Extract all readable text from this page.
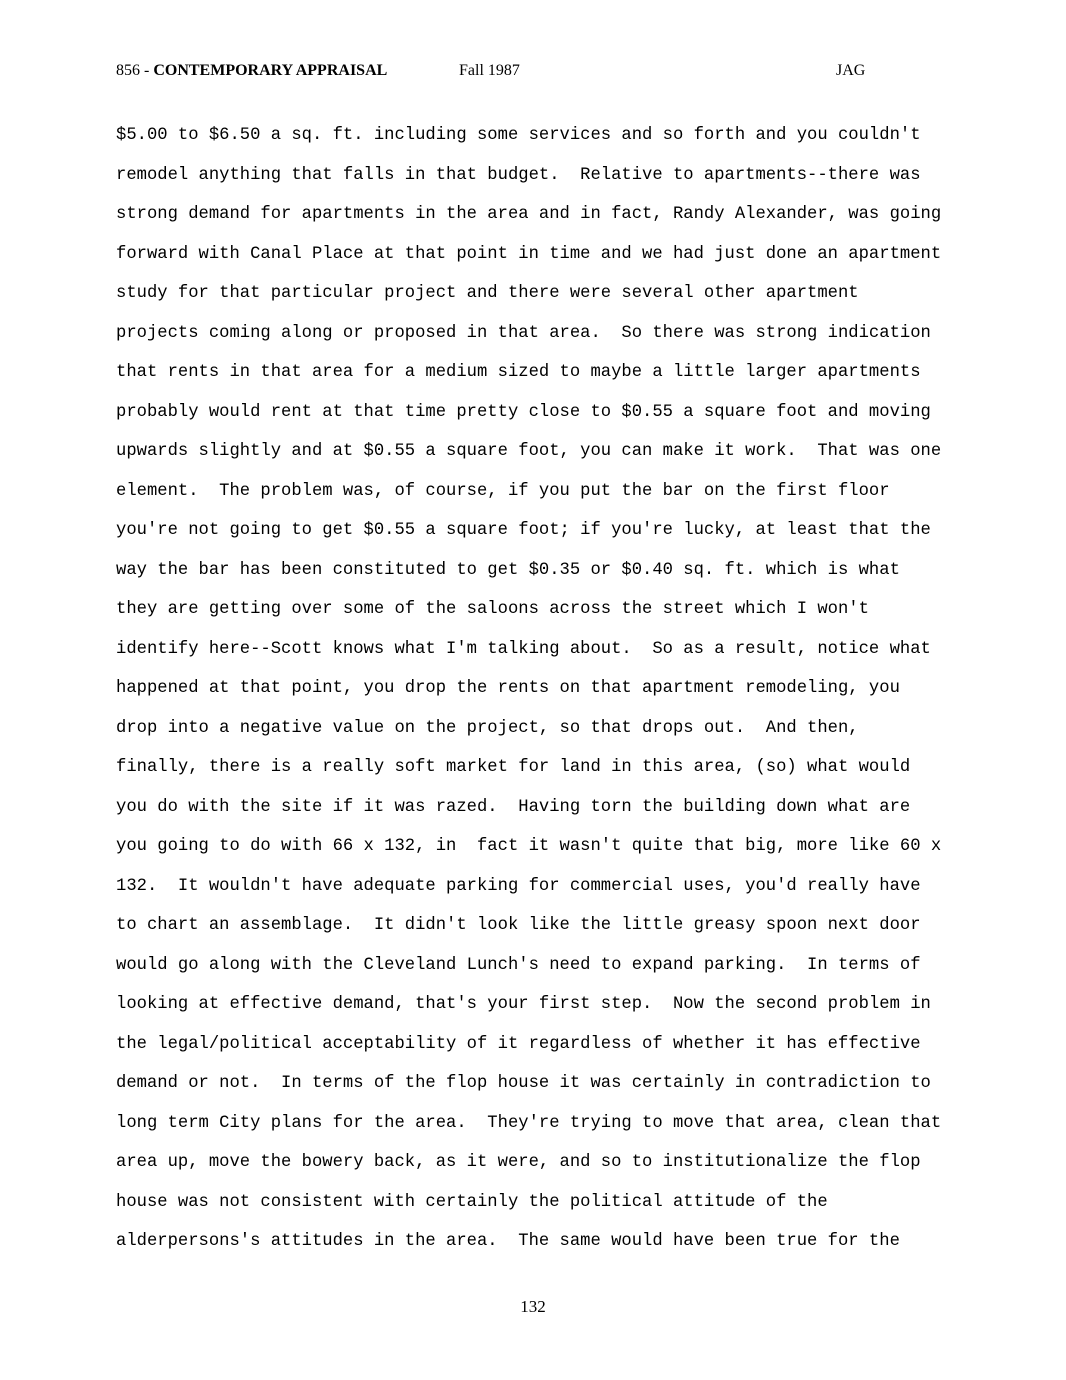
856 - CONTEMPORARY APPRAISAL	Fall 1987	JAG
$5.00 to $6.50 a sq. ft. including some services and so forth and you couldn't
remodel anything that falls in that budget.  Relative to apartments--there was
strong demand for apartments in the area and in fact, Randy Alexander, was going
forward with Canal Place at that point in time and we had just done an apartment
study for that particular project and there were several other apartment
projects coming along or proposed in that area.  So there was strong indication
that rents in that area for a medium sized to maybe a little larger apartments
probably would rent at that time pretty close to $0.55 a square foot and moving
upwards slightly and at $0.55 a square foot, you can make it work.  That was one
element.  The problem was, of course, if you put the bar on the first floor
you're not going to get $0.55 a square foot; if you're lucky, at least that the
way the bar has been constituted to get $0.35 or $0.40 sq. ft. which is what
they are getting over some of the saloons across the street which I won't
identify here--Scott knows what I'm talking about.  So as a result, notice what
happened at that point, you drop the rents on that apartment remodeling, you
drop into a negative value on the project, so that drops out.  And then,
finally, there is a really soft market for land in this area, (so) what would
you do with the site if it was razed.  Having torn the building down what are
you going to do with 66 x 132, in  fact it wasn't quite that big, more like 60 x
132.  It wouldn't have adequate parking for commercial uses, you'd really have
to chart an assemblage.  It didn't look like the little greasy spoon next door
would go along with the Cleveland Lunch's need to expand parking.  In terms of
looking at effective demand, that's your first step.  Now the second problem in
the legal/political acceptability of it regardless of whether it has effective
demand or not.  In terms of the flop house it was certainly in contradiction to
long term City plans for the area.  They're trying to move that area, clean that
area up, move the bowery back, as it were, and so to institutionalize the flop
house was not consistent with certainly the political attitude of the
alderpersons's attitudes in the area.  The same would have been true for the
132
